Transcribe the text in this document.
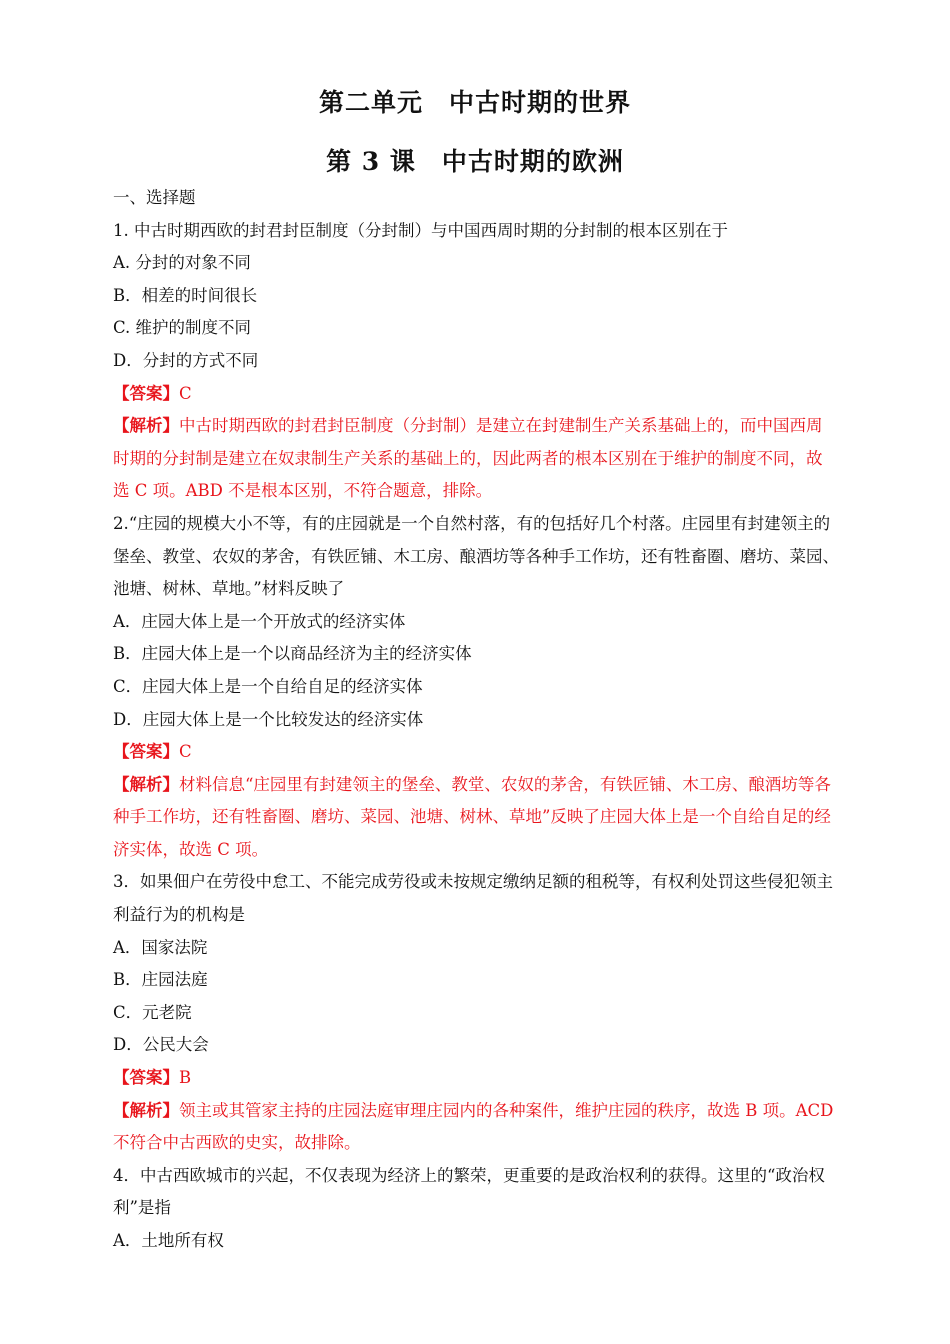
第二单元　中古时期的世界
第 3 课　中古时期的欧洲
一、选择题
1. 中古时期西欧的封君封臣制度（分封制）与中国西周时期的分封制的根本区别在于
A. 分封的对象不同
B．相差的时间很长
C. 维护的制度不同
D．分封的方式不同
【答案】C
【解析】中古时期西欧的封君封臣制度（分封制）是建立在封建制生产关系基础上的，而中国西周
时期的分封制是建立在奴隶制生产关系的基础上的，因此两者的根本区别在于维护的制度不同，故
选 C 项。ABD 不是根本区别，不符合题意，排除。
2.“庄园的规模大小不等，有的庄园就是一个自然村落，有的包括好几个村落。庄园里有封建领主的
堡垒、教堂、农奴的茅舍，有铁匠铺、木工房、酿酒坊等各种手工作坊，还有牲畜圈、磨坊、菜园、
池塘、树林、草地。”材料反映了
A．庄园大体上是一个开放式的经济实体
B．庄园大体上是一个以商品经济为主的经济实体
C．庄园大体上是一个自给自足的经济实体
D．庄园大体上是一个比较发达的经济实体
【答案】C
【解析】材料信息“庄园里有封建领主的堡垒、教堂、农奴的茅舍，有铁匠铺、木工房、酿酒坊等各
种手工作坊，还有牲畜圈、磨坊、菜园、池塘、树林、草地”反映了庄园大体上是一个自给自足的经
济实体，故选 C 项。
3．如果佃户在劳役中怠工、不能完成劳役或未按规定缴纳足额的租税等，有权利处罚这些侵犯领主
利益行为的机构是
A．国家法院
B．庄园法庭
C．元老院
D．公民大会
【答案】B
【解析】领主或其管家主持的庄园法庭审理庄园内的各种案件，维护庄园的秩序，故选 B 项。ACD
不符合中古西欧的史实，故排除。
4．中古西欧城市的兴起，不仅表现为经济上的繁荣，更重要的是政治权利的获得。这里的“政治权
利”是指
A．土地所有权
